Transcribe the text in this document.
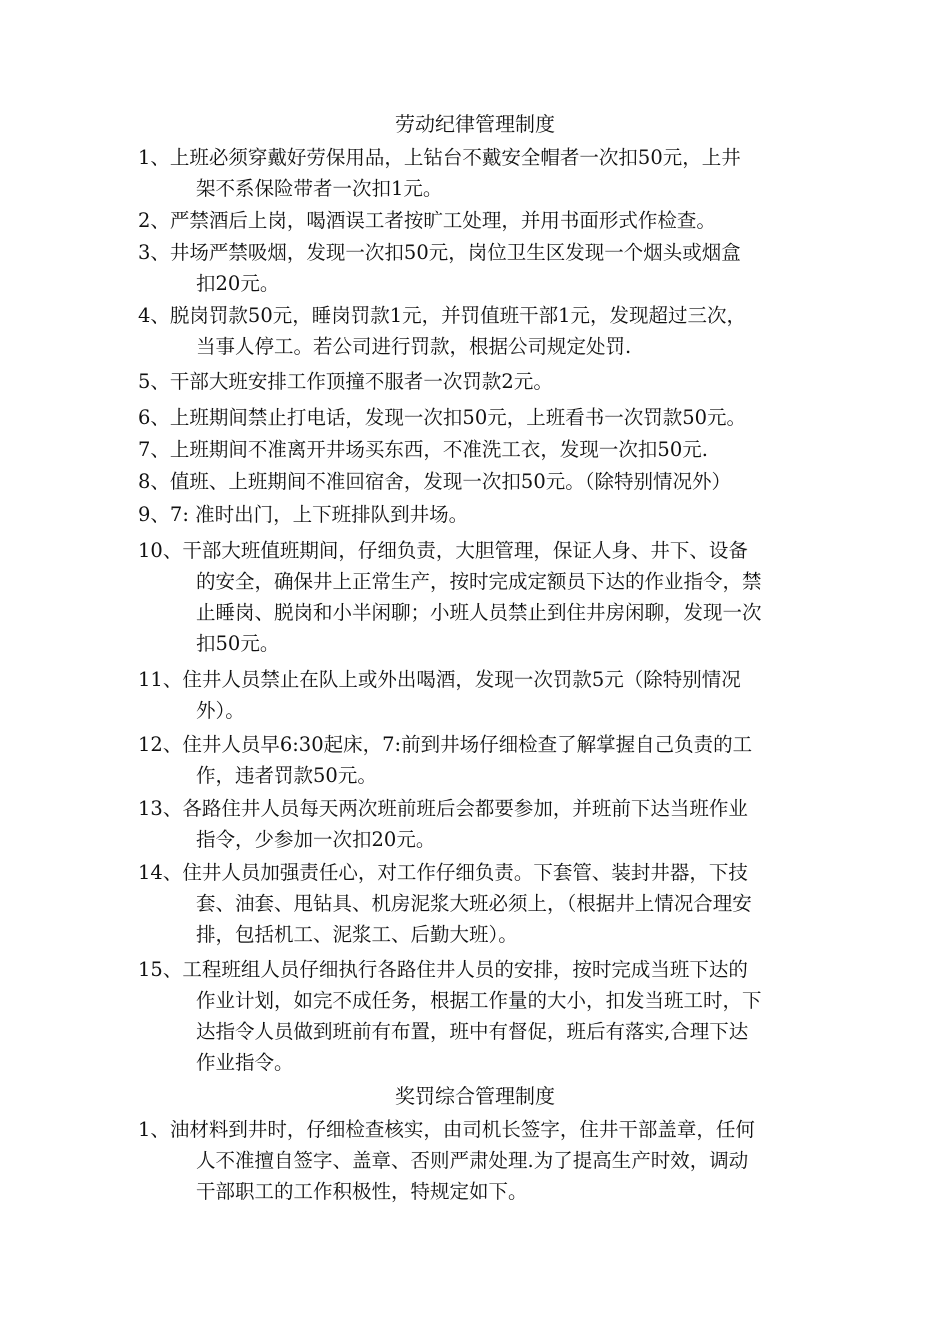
劳动纪律管理制度
1、上班必须穿戴好劳保用品，上钻台不戴安全帽者一次扣50元，上井
架不系保险带者一次扣1元。
2、严禁酒后上岗，喝酒误工者按旷工处理，并用书面形式作检查。
3、井场严禁吸烟，发现一次扣50元，岗位卫生区发现一个烟头或烟盒
扣20元。
4、脱岗罚款50元，睡岗罚款1元，并罚值班干部1元，发现超过三次，
当事人停工。若公司进行罚款，根据公司规定处罚.
5、干部大班安排工作顶撞不服者一次罚款2元。
6、上班期间禁止打电话，发现一次扣50元，上班看书一次罚款50元。
7、上班期间不准离开井场买东西，不准洗工衣，发现一次扣50元.
8、值班、上班期间不准回宿舍，发现一次扣50元。（除特别情况外）
9、7: 准时出门，上下班排队到井场。
10、干部大班值班期间，仔细负责，大胆管理，保证人身、井下、设备
的安全，确保井上正常生产，按时完成定额员下达的作业指令，禁
止睡岗、脱岗和小半闲聊；小班人员禁止到住井房闲聊，发现一次
扣50元。
11、住井人员禁止在队上或外出喝酒，发现一次罚款5元（除特别情况
外）。
12、住井人员早6:30起床，7:前到井场仔细检查了解掌握自己负责的工
作，违者罚款50元。
13、各路住井人员每天两次班前班后会都要参加，并班前下达当班作业
指令，少参加一次扣20元。
14、住井人员加强责任心，对工作仔细负责。下套管、装封井器，下技
套、油套、甩钻具、机房泥浆大班必须上，（根据井上情况合理安
排，包括机工、泥浆工、后勤大班）。
15、工程班组人员仔细执行各路住井人员的安排，按时完成当班下达的
作业计划，如完不成任务，根据工作量的大小，扣发当班工时，下
达指令人员做到班前有布置，班中有督促，班后有落实,合理下达
作业指令。
奖罚综合管理制度
1、油材料到井时，仔细检查核实，由司机长签字，住井干部盖章，任何
人不准擅自签字、盖章、否则严肃处理.为了提高生产时效，调动
干部职工的工作积极性，特规定如下。
